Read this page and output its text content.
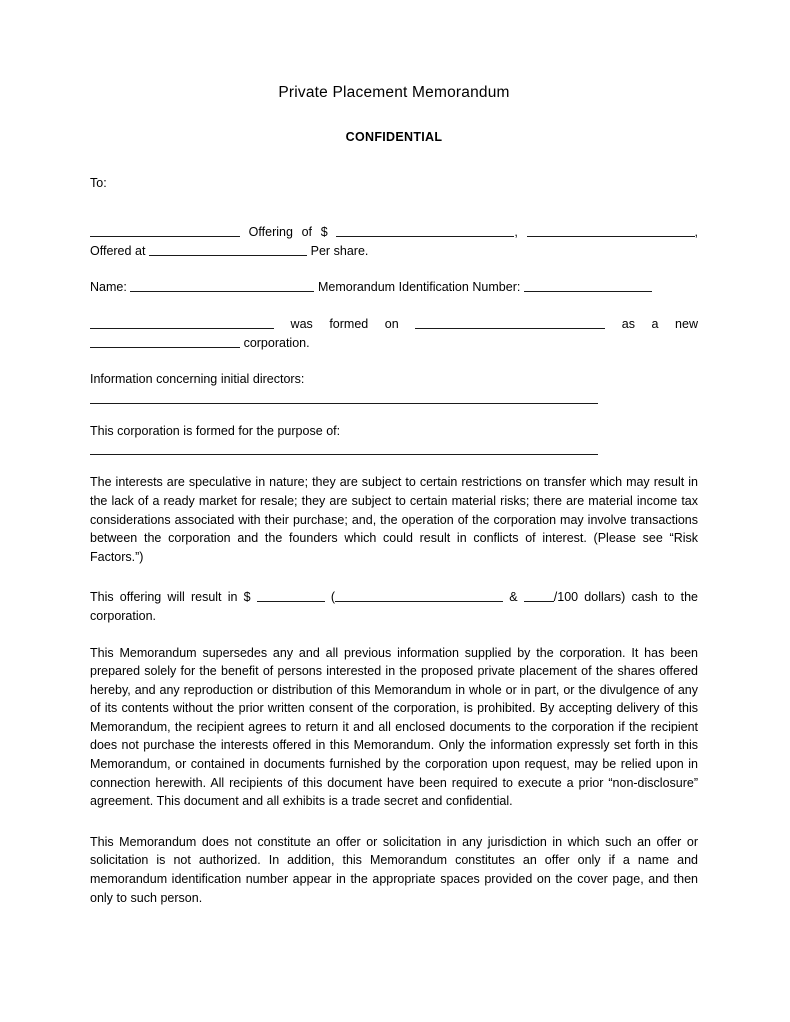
Private Placement Memorandum
CONFIDENTIAL

To:

Offering of $	,	, Offered at	Per share.

Name:	Memorandum Identification Number:

was formed on	as a new  corporation.

Information concerning initial directors:

This corporation is formed for the purpose of:

The interests are speculative in nature; they are subject to certain restrictions on transfer which may result in the lack of a ready market for resale; they are subject to certain material risks; there are material income tax considerations associated with their purchase; and, the operation of the corporation may involve transactions between the corporation and the founders which could result in conflicts of interest. (Please see “Risk Factors.”)

This offering will result in $	(	& /100 dollars) cash to the corporation.

This Memorandum supersedes any and all previous information supplied by the corporation. It has been prepared solely for the benefit of persons interested in the proposed private placement of the shares offered hereby, and any reproduction or distribution of this Memorandum in whole or in part, or the divulgence of any of its contents without the prior written consent of the corporation, is prohibited. By accepting delivery of this Memorandum, the recipient agrees to return it and all enclosed documents to the corporation if the recipient does not purchase the interests offered in this Memorandum. Only the information expressly set forth in this Memorandum, or contained in documents furnished by the corporation upon request, may be relied upon in connection herewith. All recipients of this document have been required to execute a prior “non-disclosure” agreement. This document and all exhibits is a trade secret and confidential.

This Memorandum does not constitute an offer or solicitation in any jurisdiction in which such an offer or solicitation is not authorized. In addition, this Memorandum constitutes an offer only if a name and memorandum identification number appear in the appropriate spaces provided on the cover page, and then only to such person.
